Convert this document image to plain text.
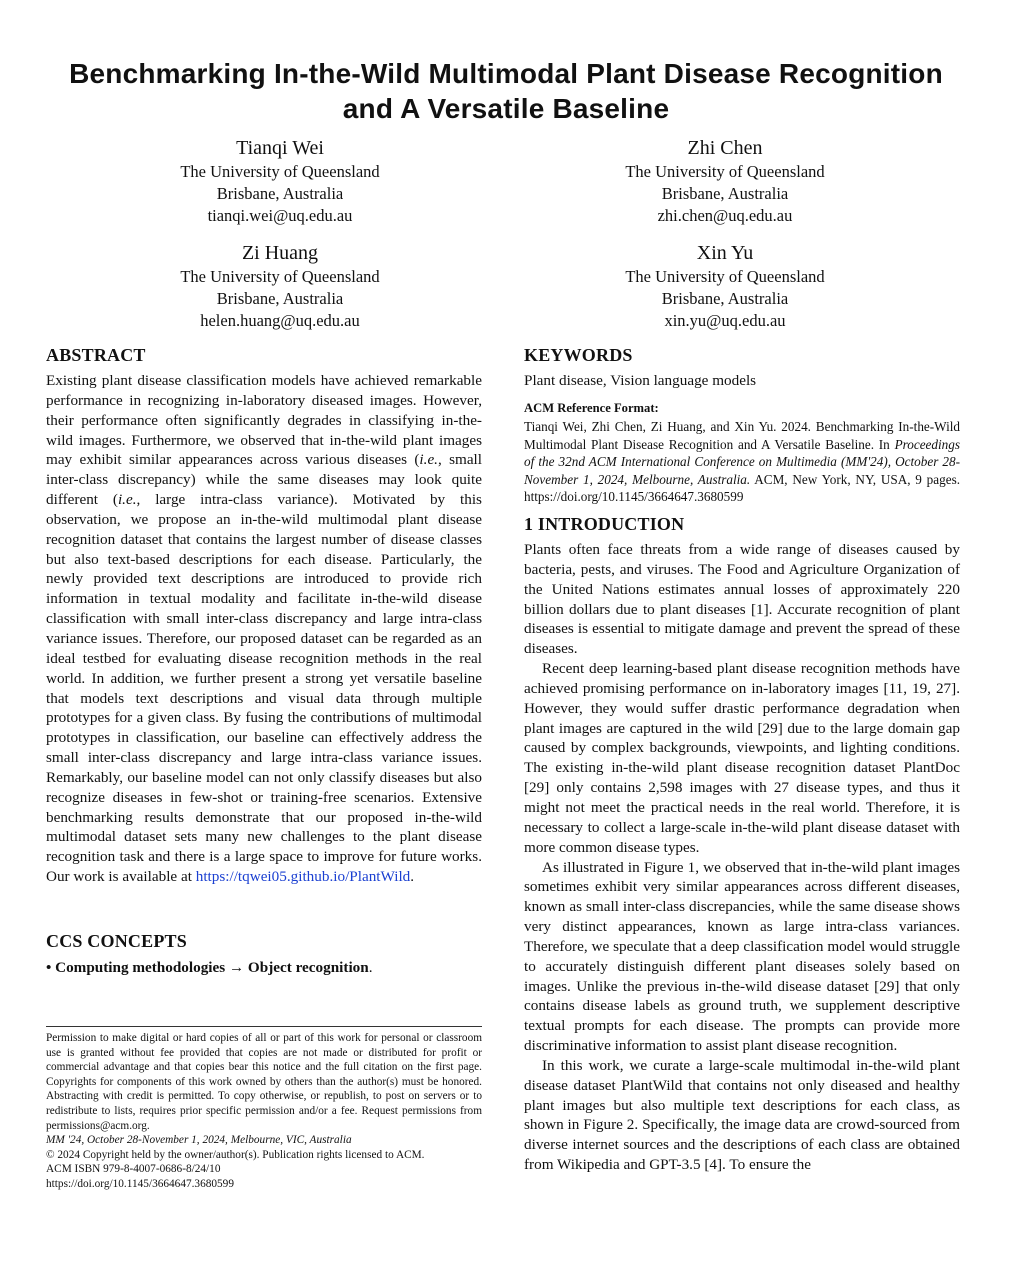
Benchmarking In-the-Wild Multimodal Plant Disease Recognition
and A Versatile Baseline
Tianqi Wei
The University of Queensland
Brisbane, Australia
tianqi.wei@uq.edu.au
Zhi Chen
The University of Queensland
Brisbane, Australia
zhi.chen@uq.edu.au
Zi Huang
The University of Queensland
Brisbane, Australia
helen.huang@uq.edu.au
Xin Yu
The University of Queensland
Brisbane, Australia
xin.yu@uq.edu.au
ABSTRACT

Existing plant disease classification models have achieved remarkable performance in recognizing in-laboratory diseased images. However, their performance often significantly degrades in classifying in-the-wild images. Furthermore, we observed that in-the-wild plant images may exhibit similar appearances across various diseases (i.e., small inter-class discrepancy) while the same diseases may look quite different (i.e., large intra-class variance). Motivated by this observation, we propose an in-the-wild multimodal plant disease recognition dataset that contains the largest number of disease classes but also text-based descriptions for each disease. Particularly, the newly provided text descriptions are introduced to provide rich information in textual modality and facilitate in-the-wild disease classification with small inter-class discrepancy and large intra-class variance issues. Therefore, our proposed dataset can be regarded as an ideal testbed for evaluating disease recognition methods in the real world. In addition, we further present a strong yet versatile baseline that models text descriptions and visual data through multiple prototypes for a given class. By fusing the contributions of multimodal prototypes in classification, our baseline can effectively address the small inter-class discrepancy and large intra-class variance issues. Remarkably, our baseline model can not only classify diseases but also recognize diseases in few-shot or training-free scenarios. Extensive benchmarking results demonstrate that our proposed in-the-wild multimodal dataset sets many new challenges to the plant disease recognition task and there is a large space to improve for future works. Our work is available at https://tqwei05.github.io/PlantWild.

CCS CONCEPTS

• Computing methodologies → Object recognition.

Permission to make digital or hard copies of all or part of this work for personal or classroom use is granted without fee provided that copies are not made or distributed for profit or commercial advantage and that copies bear this notice and the full citation on the first page. Copyrights for components of this work owned by others than the author(s) must be honored. Abstracting with credit is permitted. To copy otherwise, or republish, to post on servers or to redistribute to lists, requires prior specific permission and/or a fee. Request permissions from permissions@acm.org.
MM '24, October 28-November 1, 2024, Melbourne, VIC, Australia
© 2024 Copyright held by the owner/author(s). Publication rights licensed to ACM.
ACM ISBN 979-8-4007-0686-8/24/10
https://doi.org/10.1145/3664647.3680599
KEYWORDS

Plant disease, Vision language models

ACM Reference Format:
Tianqi Wei, Zhi Chen, Zi Huang, and Xin Yu. 2024. Benchmarking In-the-Wild Multimodal Plant Disease Recognition and A Versatile Baseline. In Proceedings of the 32nd ACM International Conference on Multimedia (MM'24), October 28-November 1, 2024, Melbourne, Australia. ACM, New York, NY, USA, 9 pages. https://doi.org/10.1145/3664647.3680599
1 INTRODUCTION

Plants often face threats from a wide range of diseases caused by bacteria, pests, and viruses. The Food and Agriculture Organization of the United Nations estimates annual losses of approximately 220 billion dollars due to plant diseases [1]. Accurate recognition of plant diseases is essential to mitigate damage and prevent the spread of these diseases.

Recent deep learning-based plant disease recognition methods have achieved promising performance on in-laboratory images [11, 19, 27]. However, they would suffer drastic performance degradation when plant images are captured in the wild [29] due to the large domain gap caused by complex backgrounds, viewpoints, and lighting conditions. The existing in-the-wild plant disease recognition dataset PlantDoc [29] only contains 2,598 images with 27 disease types, and thus it might not meet the practical needs in the real world. Therefore, it is necessary to collect a large-scale in-the-wild plant disease dataset with more common disease types.

As illustrated in Figure 1, we observed that in-the-wild plant images sometimes exhibit very similar appearances across different diseases, known as small inter-class discrepancies, while the same disease shows very distinct appearances, known as large intra-class variances. Therefore, we speculate that a deep classification model would struggle to accurately distinguish different plant diseases solely based on images. Unlike the previous in-the-wild disease dataset [29] that only contains disease labels as ground truth, we supplement descriptive textual prompts for each disease. The prompts can provide more discriminative information to assist plant disease recognition.

In this work, we curate a large-scale multimodal in-the-wild plant disease dataset PlantWild that contains not only diseased and healthy plant images but also multiple text descriptions for each class, as shown in Figure 2. Specifically, the image data are crowd-sourced from diverse internet sources and the descriptions of each class are obtained from Wikipedia and GPT-3.5 [4]. To ensure the
